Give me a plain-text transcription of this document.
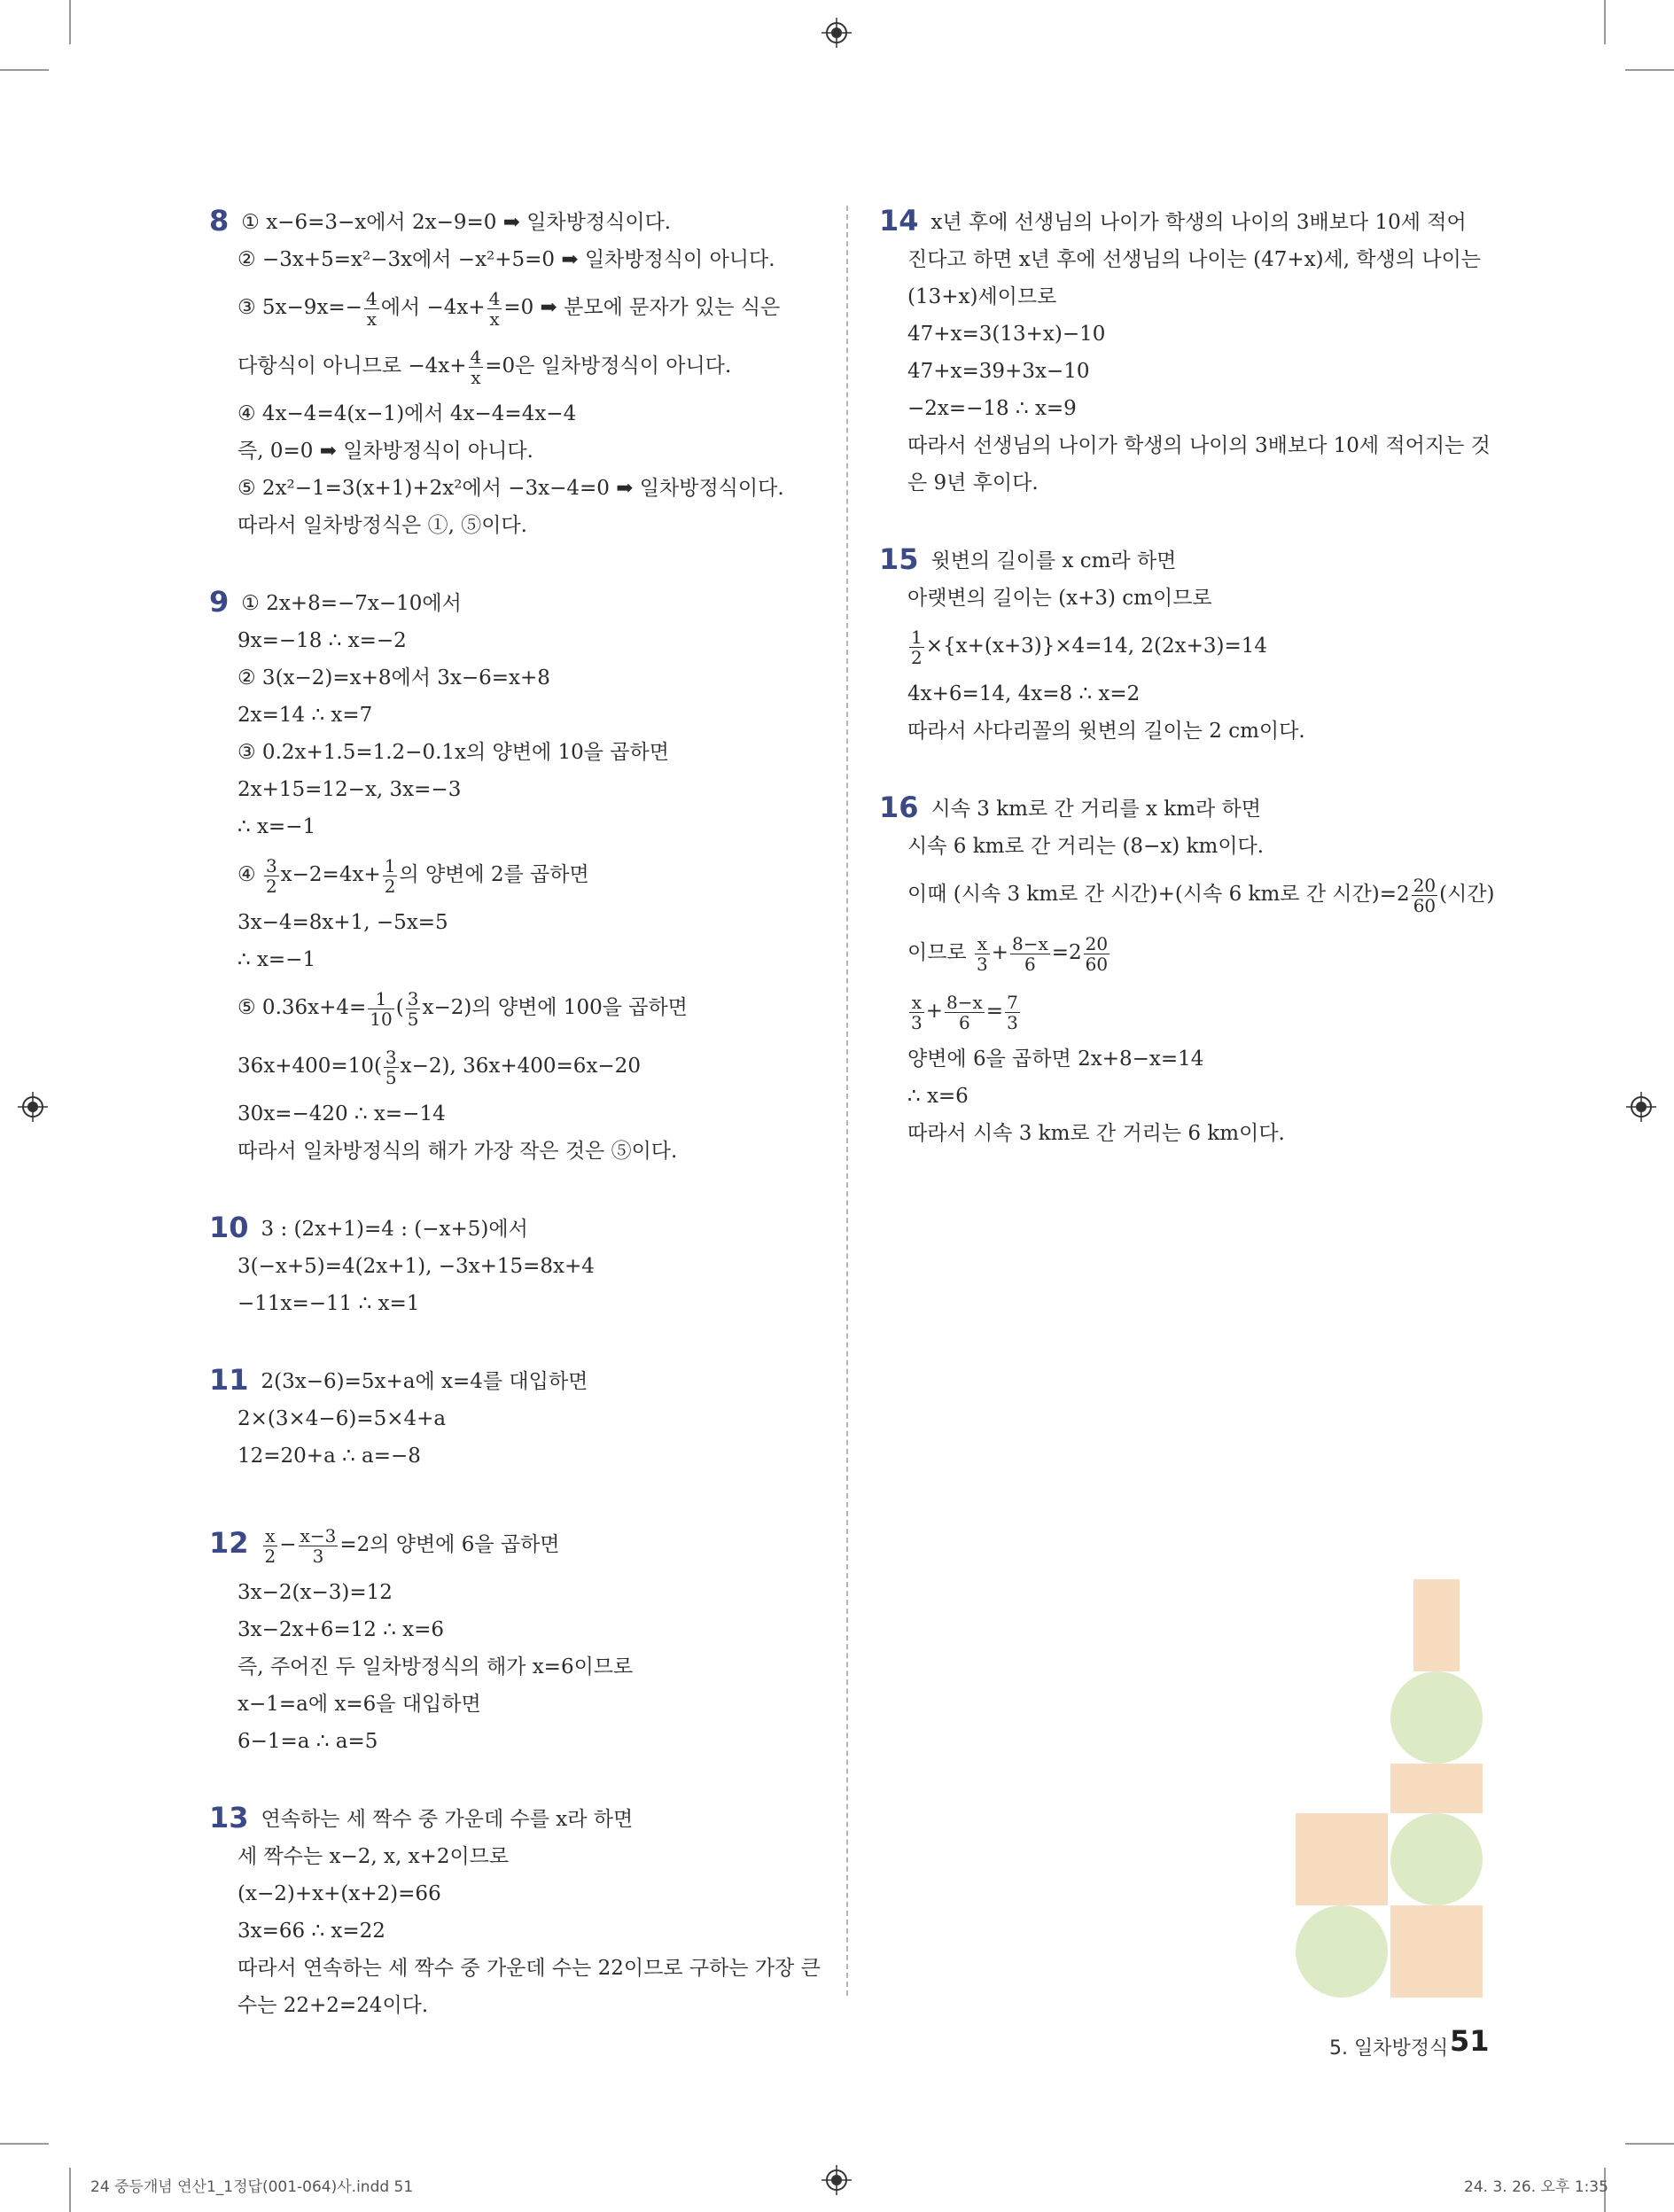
8 ① x−6=3−x에서 2x−9=0 ➡ 일차방정식이다.
② −3x+5=x²−3x에서 −x²+5=0 ➡ 일차방정식이 아니다.
③ $5x-9x=- \frac{4}{x}$ 에서 $-4x+ \frac{4}{x} =0$ ➡ 분모에 문자가 있는 식은
다항식이 아니므로 $-4x+ \frac{4}{x} =0$은 일차방정식이 아니다.
④ 4x−4=4(x−1)에서 4x−4=4x−4
즉, 0=0 ➡ 일차방정식이 아니다.
⑤ 2x²−1=3(x+1)+2x²에서 −3x−4=0 ➡ 일차방정식이다.
따라서 일차방정식은 ①, ⑤이다.
9 ① 2x+8=−7x−10에서
9x=−18 ∴ x=−2
② 3(x−2)=x+8에서 3x−6=x+8
2x=14 ∴ x=7
③ 0.2x+1.5=1.2−0.1x의 양변에 10을 곱하면
2x+15=12−x, 3x=−3
∴ x=−1
④ $\frac{3}{2} x-2=4x+ \frac{1}{2}$ 의 양변에 2를 곱하면
3x−4=8x+1, −5x=5
∴ x=−1
⑤ $0.36x+4= \frac{1}{10}$ ( $\frac{3}{5} x-2$)의 양변에 100을 곱하면
$36x+400=10( \frac{3}{5} x-2)$, 36x+400=6x−20
30x=−420 ∴ x=−14
따라서 일차방정식의 해가 가장 작은 것은 ⑤이다.
10 3 : (2x+1)=4 : (−x+5)에서
3(−x+5)=4(2x+1), −3x+15=8x+4
−11x=−11 ∴ x=1
11 2(3x−6)=5x+a에 x=4를 대입하면
2×(3×4−6)=5×4+a
12=20+a ∴ a=−8
$12 \frac{x}{2} - \frac{x-3}{3} =2$의 양변에 6을 곱하면
3x−2(x−3)=12
3x−2x+6=12 ∴ x=6
즉, 주어진 두 일차방정식의 해가 x=6이므로
x−1=a에 x=6을 대입하면
6−1=a ∴ a=5
13 연속하는 세 짝수 중 가운데 수를 x라 하면
세 짝수는 x−2, x, x+2이므로
(x−2)+x+(x+2)=66
3x=66 ∴ x=22
따라서 연속하는 세 짝수 중 가운데 수는 22이므로 구하는 가장 큰
수는 22+2=24이다.
14 x년 후에 선생님의 나이가 학생의 나이의 3배보다 10세 적어
진다고 하면 x년 후에 선생님의 나이는 (47+x)세, 학생의 나이는
(13+x)세이므로
47+x=3(13+x)−10
47+x=39+3x−10
−2x=−18 ∴ x=9
따라서 선생님의 나이가 학생의 나이의 3배보다 10세 적어지는 것
은 9년 후이다.
15 윗변의 길이를 x cm라 하면
아랫변의 길이는 (x+3) cm이므로
$\frac{1}{2} \times\{x+(x+3)\}\times 4=14$, 2(2x+3)=14
4x+6=14, 4x=8 ∴ x=2
따라서 사다리꼴의 윗변의 길이는 2 cm이다.
16 시속 3 km로 간 거리를 x km라 하면
시속 6 km로 간 거리는 (8−x) km이다.
이때 (시속 3 km로 간 시간)+(시속 6 km로 간 시간)$=2 \frac{20}{60}$ (시간)
이므로 $\frac{x}{3} + \frac{8-x}{6} =2 \frac{20}{60}$
$\frac{x}{3} + \frac{8-x}{6} = \frac{7}{3}$
양변에 6을 곱하면 2x+8−x=14
∴ x=6
따라서 시속 3 km로 간 거리는 6 km이다.
5. 일차방정식 51
24 중등개념 연산1_1정답(001-064)사.indd 51	24. 3. 26. 오후 1:35
